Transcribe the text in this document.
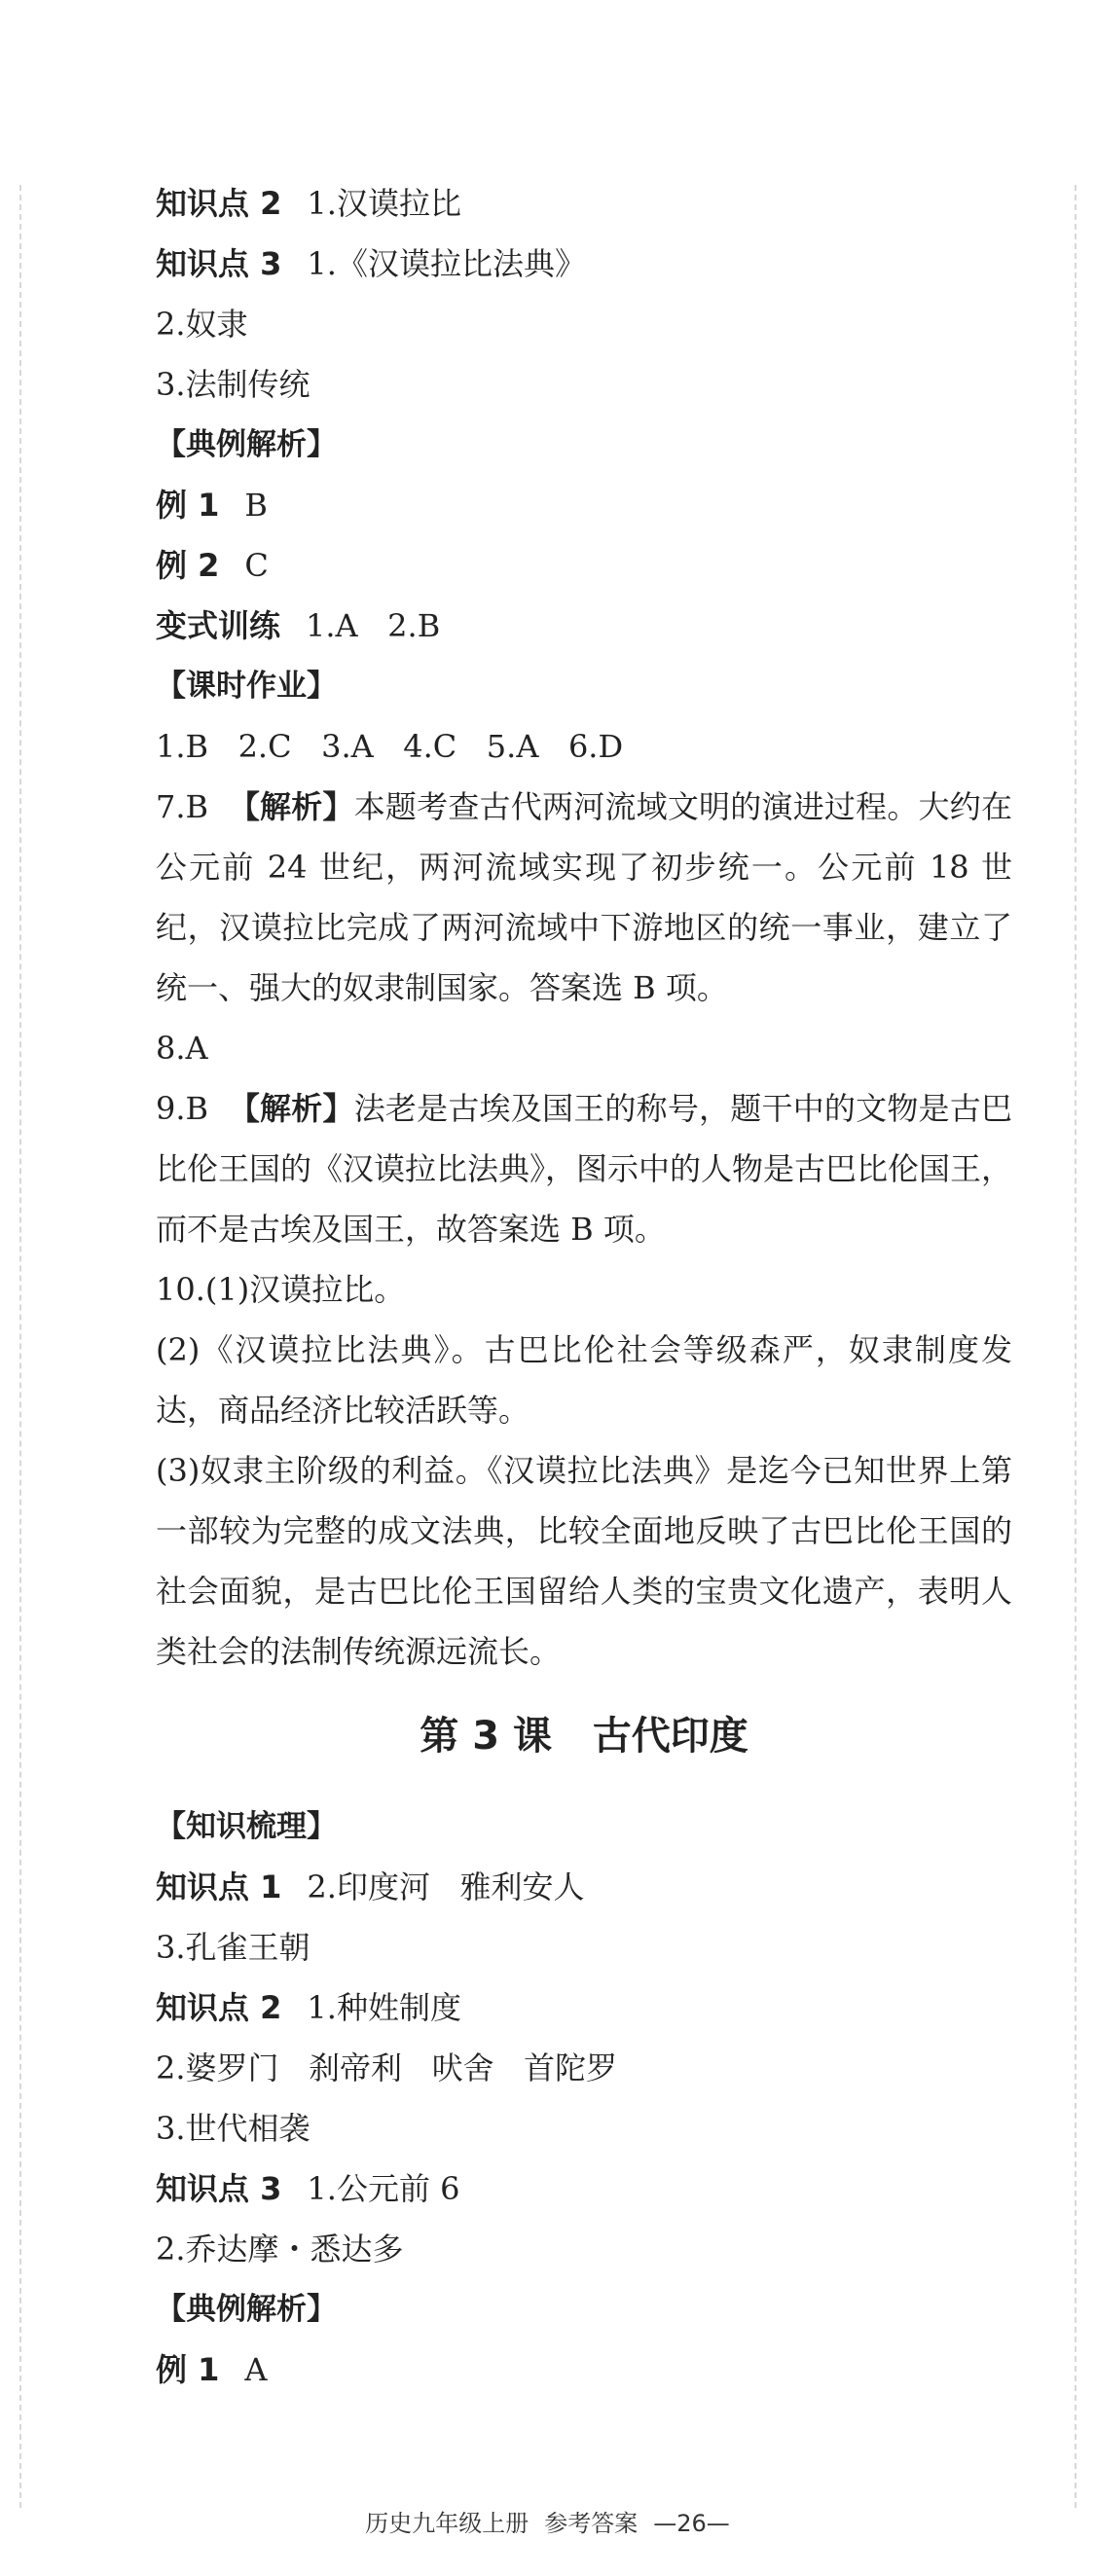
知识点 2 1.汉谟拉比

知识点 3 1.《汉谟拉比法典》

2.奴隶

3.法制传统

【典例解析】

例 1 B

例 2 C

变式训练 1.A   2.B

【课时作业】

1.B   2.C   3.A   4.C   5.A   6.D

7.B 【解析】本题考查古代两河流域文明的演进过程。大约在公元前 24 世纪，两河流域实现了初步统一。公元前 18 世纪，汉谟拉比完成了两河流域中下游地区的统一事业，建立了统一、强大的奴隶制国家。答案选 B 项。

8.A

9.B 【解析】法老是古埃及国王的称号，题干中的文物是古巴比伦王国的《汉谟拉比法典》，图示中的人物是古巴比伦国王，而不是古埃及国王，故答案选 B 项。

10.(1)汉谟拉比。

(2)《汉谟拉比法典》。古巴比伦社会等级森严，奴隶制度发达，商品经济比较活跃等。

(3)奴隶主阶级的利益。《汉谟拉比法典》是迄今已知世界上第一部较为完整的成文法典，比较全面地反映了古巴比伦王国的社会面貌，是古巴比伦王国留给人类的宝贵文化遗产，表明人类社会的法制传统源远流长。

第 3 课   古代印度

【知识梳理】

知识点 1 2.印度河   雅利安人

3.孔雀王朝

知识点 2 1.种姓制度

2.婆罗门   刹帝利   吠舍   首陀罗

3.世代相袭

知识点 3 1.公元前 6

2.乔达摩・悉达多

【典例解析】

例 1 A

历史九年级上册 参考答案 —26—
